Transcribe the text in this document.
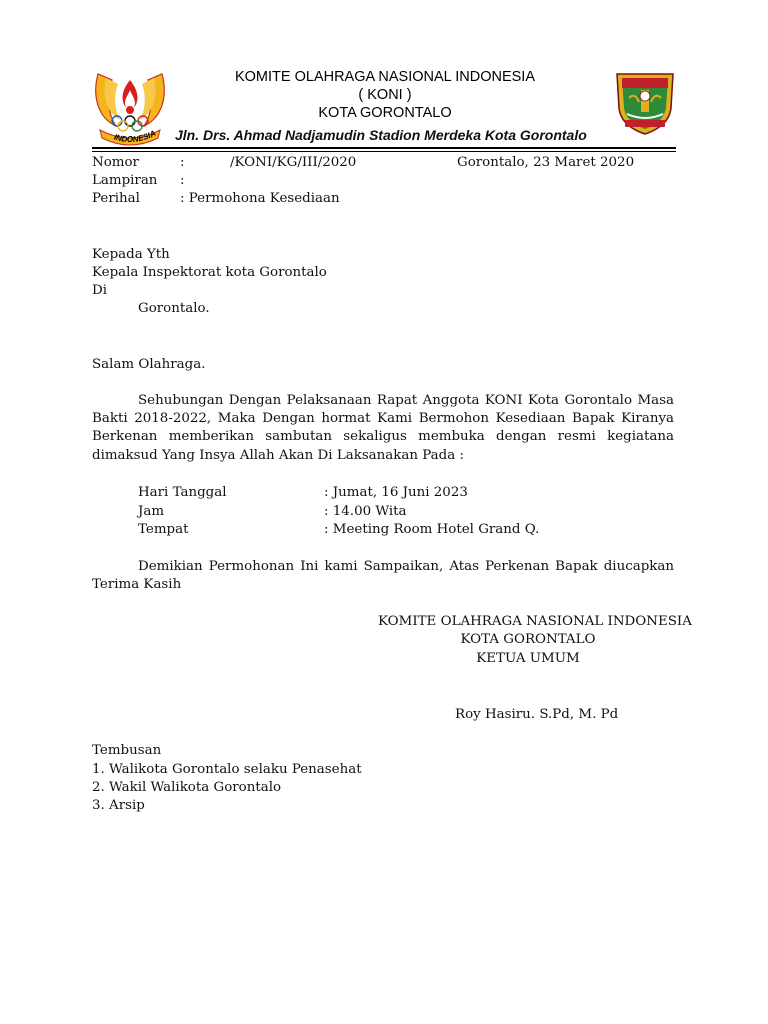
INDONESIA
KOMITE OLAHRAGA NASIONAL INDONESIA
( KONI )
KOTA GORONTALO
Jln. Drs. Ahmad Nadjamudin Stadion Merdeka Kota Gorontalo
Nomor	:	/KONI/KG/III/2020	Gorontalo, 23 Maret 2020
Lampiran :
Perihal	: Permohona Kesediaan
Kepada Yth
Kepala Inspektorat kota Gorontalo
Di
Gorontalo.
Salam Olahraga.
Sehubungan Dengan Pelaksanaan Rapat Anggota KONI Kota Gorontalo Masa
Bakti 2018-2022, Maka Dengan hormat Kami Bermohon Kesediaan Bapak Kiranya Berkenan memberikan sambutan sekaligus membuka dengan resmi kegiatana dimaksud Yang Insya Allah Akan Di Laksanakan Pada :
Hari Tanggal	: Jumat, 16 Juni 2023
Jam	: 14.00 Wita
Tempat	: Meeting Room Hotel Grand Q.
Demikian Permohonan Ini kami Sampaikan, Atas Perkenan Bapak diucapkan
Terima Kasih
KOMITE OLAHRAGA NASIONAL INDONESIA
KOTA GORONTALO
KETUA UMUM
Roy Hasiru. S.Pd, M. Pd
Tembusan
1. Walikota Gorontalo selaku Penasehat
2. Wakil Walikota Gorontalo
3. Arsip
